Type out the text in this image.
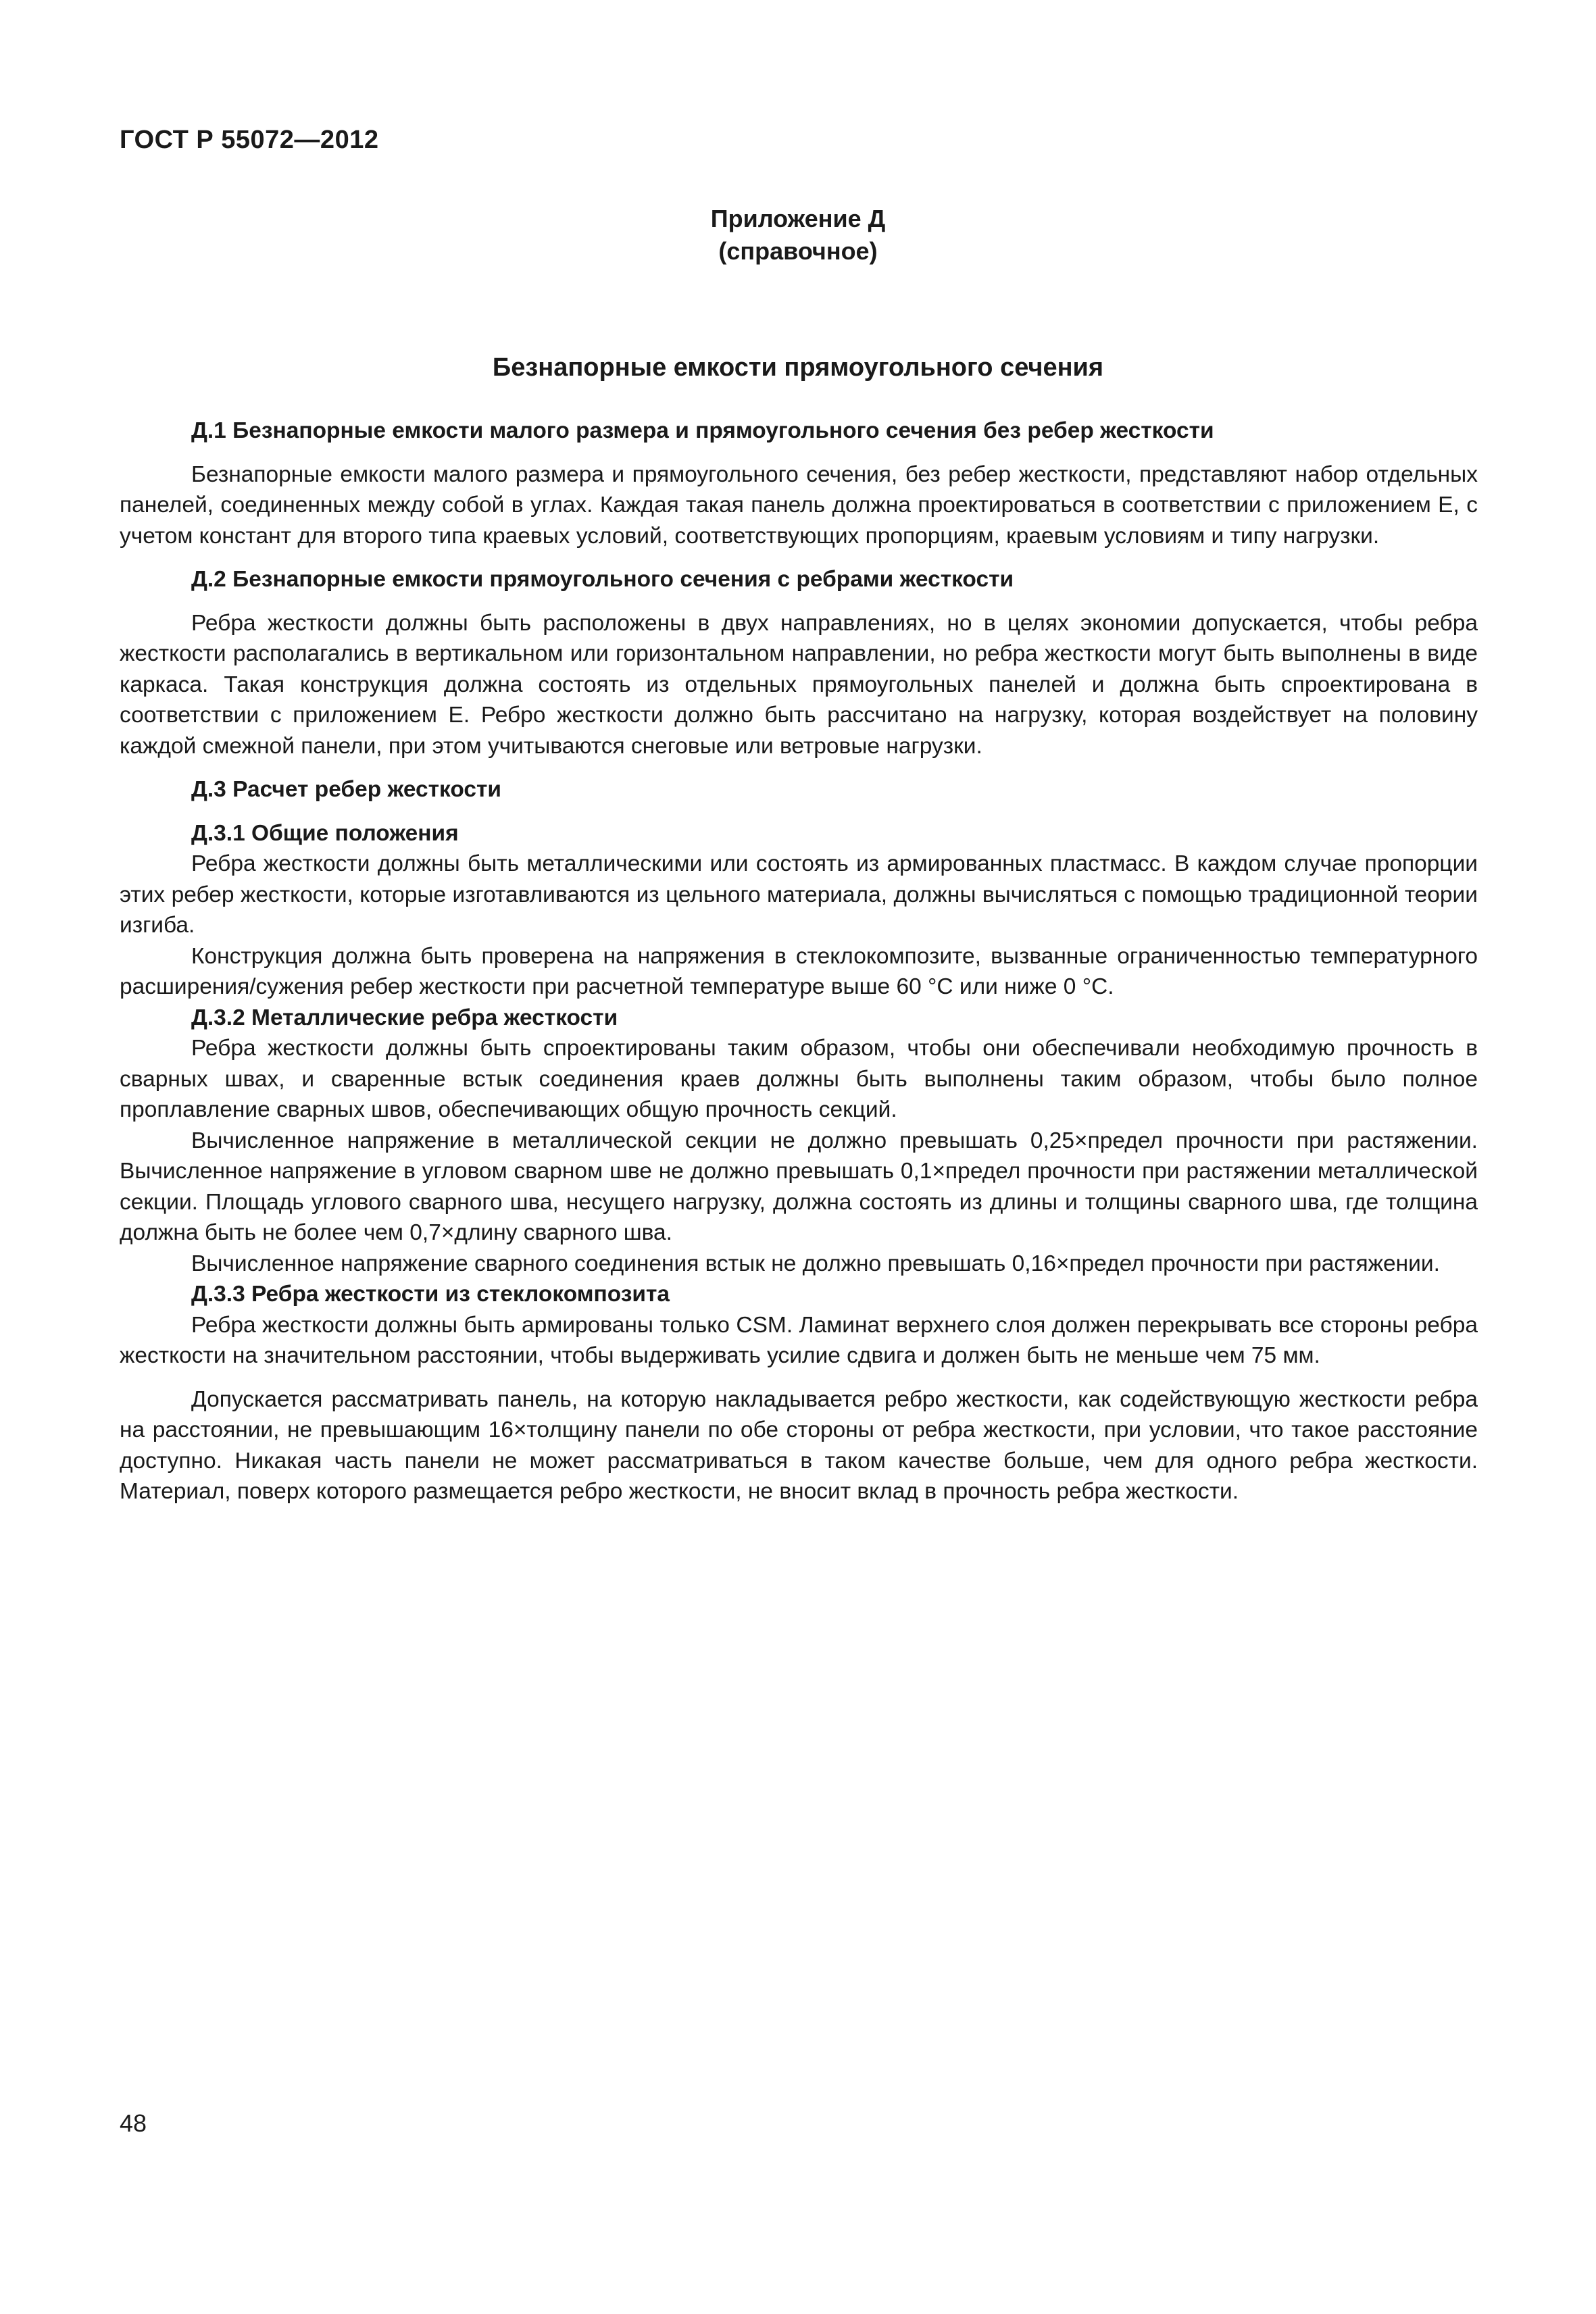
ГОСТ Р 55072—2012
Приложение Д
(справочное)
Безнапорные емкости прямоугольного сечения

Д.1 Безнапорные емкости малого размера и прямоугольного сечения без ребер жесткости

Безнапорные емкости малого размера и прямоугольного сечения, без ребер жесткости, представляют набор отдельных панелей, соединенных между собой в углах. Каждая такая панель должна проектироваться в соответствии с приложением Е, с учетом констант для второго типа краевых условий, соответствующих пропорциям, краевым условиям и типу нагрузки.

Д.2 Безнапорные емкости прямоугольного сечения с ребрами жесткости

Ребра жесткости должны быть расположены в двух направлениях, но в целях экономии допускается, чтобы ребра жесткости располагались в вертикальном или горизонтальном направлении, но ребра жесткости могут быть выполнены в виде каркаса. Такая конструкция должна состоять из отдельных прямоугольных панелей и должна быть спроектирована в соответствии с приложением Е. Ребро жесткости должно быть рассчитано на нагрузку, которая воздействует на половину каждой смежной панели, при этом учитываются снеговые или ветровые нагрузки.

Д.3 Расчет ребер жесткости

Д.3.1 Общие положения

Ребра жесткости должны быть металлическими или состоять из армированных пластмасс. В каждом случае пропорции этих ребер жесткости, которые изготавливаются из цельного материала, должны вычисляться с помощью традиционной теории изгиба.

Конструкция должна быть проверена на напряжения в стеклокомпозите, вызванные ограниченностью температурного расширения/сужения ребер жесткости при расчетной температуре выше 60 °С или ниже 0 °С.

Д.3.2 Металлические ребра жесткости

Ребра жесткости должны быть спроектированы таким образом, чтобы они обеспечивали необходимую прочность в сварных швах, и сваренные встык соединения краев должны быть выполнены таким образом, чтобы было полное проплавление сварных швов, обеспечивающих общую прочность секций.

Вычисленное напряжение в металлической секции не должно превышать 0,25×предел прочности при растяжении. Вычисленное напряжение в угловом сварном шве не должно превышать 0,1×предел прочности при растяжении металлической секции. Площадь углового сварного шва, несущего нагрузку, должна состоять из длины и толщины сварного шва, где толщина должна быть не более чем 0,7×длину сварного шва.

Вычисленное напряжение сварного соединения встык не должно превышать 0,16×предел прочности при растяжении.

Д.3.3 Ребра жесткости из стеклокомпозита

Ребра жесткости должны быть армированы только CSM. Ламинат верхнего слоя должен перекрывать все стороны ребра жесткости на значительном расстоянии, чтобы выдерживать усилие сдвига и должен быть не меньше чем 75 мм.

Допускается рассматривать панель, на которую накладывается ребро жесткости, как содействующую жесткости ребра на расстоянии, не превышающим 16×толщину панели по обе стороны от ребра жесткости, при условии, что такое расстояние доступно. Никакая часть панели не может рассматриваться в таком качестве больше, чем для одного ребра жесткости. Материал, поверх которого размещается ребро жесткости, не вносит вклад в прочность ребра жесткости.

48
